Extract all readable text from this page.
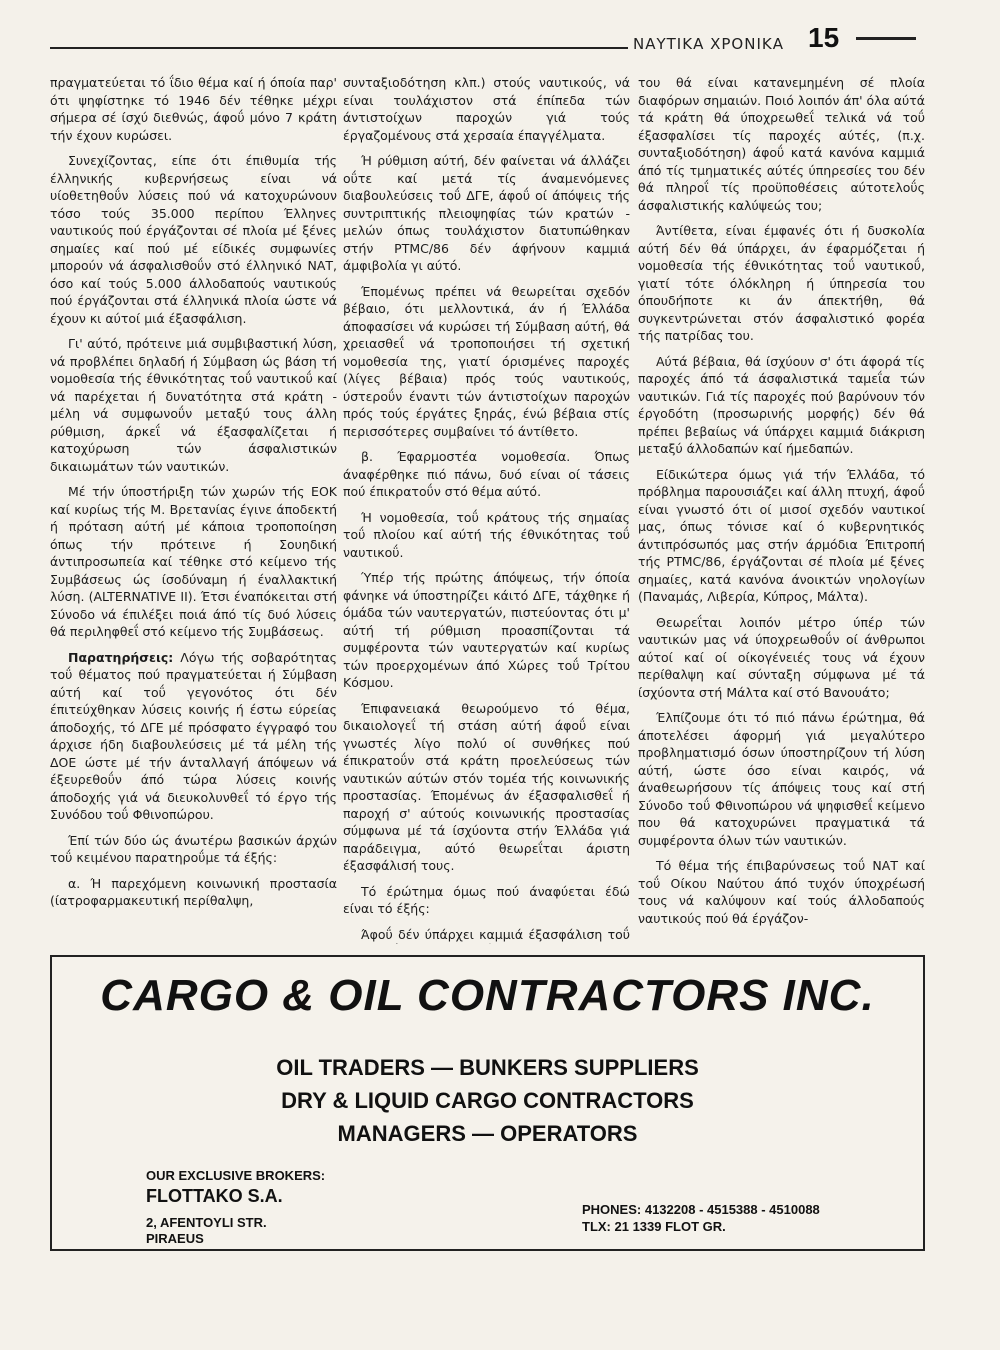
ΝΑΥΤΙΚΑ ΧΡΟΝΙΚΑ 15

πραγματεύεται τό ΐδιο θέμα καί ή όποία παρ' ότι ψηφίστηκε τό 1946 δέν τέθηκε μέχρι σήμερα σέ ίσχύ διεθνώς, άφοΰ μόνο 7 κράτη τήν έχουν κυρώσει.

Συνεχίζοντας, είπε ότι έπιθυμία τής έλληνικής κυβερνήσεως είναι νά υίοθετηθοΰν λύσεις πού νά κατοχυρώνουν τόσο τούς 35.000 περίπου Έλληνες ναυτικούς πού έργάζονται σέ πλοία μέ ξένες σημαίες καί πού μέ είδικές συμφωνίες μπορούν νά άσφαλισθοΰν στό έλληνικό ΝΑΤ, όσο καί τούς 5.000 άλλοδαπούς ναυτικούς πού έργάζονται στά έλληνικά πλοία ώστε νά έχουν κι αύτοί μιά έξασφάλιση.

Γι' αύτό, πρότεινε μιά συμβιβαστική λύση, νά προβλέπει δηλαδή ή Σύμβαση ώς βάση τή νομοθεσία τής έθνικότητας τοΰ ναυτικοΰ καί νά παρέχεται ή δυνατότητα στά κράτη - μέλη νά συμφωνοΰν μεταξύ τους άλλη ρύθμιση, άρκεΐ νά έξασφαλίζεται ή κατοχύρωση τών άσφαλιστικών δικαιωμάτων τών ναυτικών.

Μέ τήν ύποστήριξη τών χωρών τής ΕΟΚ καί κυρίως τής Μ. Βρετανίας έγινε άποδεκτή ή πρόταση αύτή μέ κάποια τροποποίηση όπως τήν πρότεινε ή Σουηδική άντιπροσωπεία καί τέθηκε στό κείμενο τής Συμβάσεως ώς ίσοδύναμη ή έναλλακτική λύση. (ALTERNATIVE II). Έτσι έναπόκειται στή Σύνοδο νά έπιλέξει ποιά άπό τίς δυό λύσεις θά περιληφθεΐ στό κείμενο τής Συμβάσεως.

Παρατηρήσεις: Λόγω τής σοβαρότητας τοΰ θέματος πού πραγματεύεται ή Σύμβαση αύτή καί τοΰ γεγονότος ότι δέν έπιτεύχθηκαν λύσεις κοινής ή έστω εύρείας άποδοχής, τό ΔΓΕ μέ πρόσφατο έγγραφό του άρχισε ήδη διαβουλεύσεις μέ τά μέλη τής ΔΟΕ ώστε μέ τήν άνταλλαγή άπόψεων νά έξευρεθοΰν άπό τώρα λύσεις κοινής άποδοχής γιά νά διευκολυνθεΐ τό έργο τής Συνόδου τοΰ Φθινοπώρου.

Έπί τών δύο ώς άνωτέρω βασικών άρχών τοΰ κειμένου παρατηροΰμε τά έξής:

α. Ή παρεχόμενη κοινωνική προστασία (ίατροφαρμακευτική περίθαλψη,

συνταξιοδότηση κλπ.) στούς ναυτικούς, νά είναι τουλάχιστον στά έπίπεδα τών άντιστοίχων παροχών γιά τούς έργαζομένους στά χερσαία έπαγγέλματα.

Ή ρύθμιση αύτή, δέν φαίνεται νά άλλάζει οΰτε καί μετά τίς άναμενόμενες διαβουλεύσεις τοΰ ΔΓΕ, άφοΰ οί άπόψεις τής συντριπτικής πλειοψηφίας τών κρατών - μελών όπως τουλάχιστον διατυπώθηκαν στήν PTMC/86 δέν άφήνουν καμμιά άμφιβολία γι αύτό.

Έπομένως πρέπει νά θεωρείται σχεδόν βέβαιο, ότι μελλοντικά, άν ή Έλλάδα άποφασίσει νά κυρώσει τή Σύμβαση αύτή, θά χρειασθεΐ νά τροποποιήσει τή σχετική νομοθεσία της, γιατί όρισμένες παροχές (λίγες βέβαια) πρός τούς ναυτικούς, ύστεροΰν έναντι τών άντιστοίχων παροχών πρός τούς έργάτες ξηράς, ένώ βέβαια στίς περισσότερες συμβαίνει τό άντίθετο.

β. Έφαρμοστέα νομοθεσία. Όπως άναφέρθηκε πιό πάνω, δυό είναι οί τάσεις πού έπικρατοΰν στό θέμα αύτό.

Ή νομοθεσία, τοΰ κράτους τής σημαίας τοΰ πλοίου καί αύτή τής έθνικότητας τοΰ ναυτικοΰ.

Ύπέρ τής πρώτης άπόψεως, τήν όποία φάνηκε νά ύποστηρίζει κάιτό ΔΓΕ, τάχθηκε ή όμάδα τών ναυτεργατών, πιστεύοντας ότι μ' αύτή τή ρύθμιση προασπίζονται τά συμφέροντα τών ναυτεργατών καί κυρίως τών προερχομένων άπό Χώρες τοΰ Τρίτου Κόσμου.

Έπιφανειακά θεωρούμενο τό θέμα, δικαιολογεΐ τή στάση αύτή άφοΰ είναι γνωστές λίγο πολύ οί συνθήκες πού έπικρατοΰν στά κράτη προελεύσεως τών ναυτικών αύτών στόν τομέα τής κοινωνικής προστασίας. Έπομένως άν έξασφαλισθεΐ ή παροχή σ' αύτούς κοινωνικής προστασίας σύμφωνα μέ τά ίσχύοντα στήν Έλλάδα γιά παράδειγμα, αύτό θεωρεΐται άριστη έξασφάλισή τους.

Τό έρώτημα όμως πού άναφύεται έδώ είναι τό έξής:

Άφοΰ δέν ύπάρχει καμμιά έξασφάλιση τοΰ

του θά είναι κατανεμημένη σέ πλοία διαφόρων σημαιών. Ποιό λοιπόν άπ' όλα αύτά τά κράτη θά ύποχρεωθεΐ τελικά νά τοΰ έξασφαλίσει τίς παροχές αύτές, (π.χ. συνταξιοδότηση) άφοΰ κατά κανόνα καμμιά άπό τίς τμηματικές αύτές ύπηρεσίες του δέν θά πληροΐ τίς προϋποθέσεις αύτοτελοΰς άσφαλιστικής καλύψεώς του;

Άντίθετα, είναι έμφανές ότι ή δυσκολία αύτή δέν θά ύπάρχει, άν έφαρμόζεται ή νομοθεσία τής έθνικότητας τοΰ ναυτικοΰ, γιατί τότε όλόκληρη ή ύπηρεσία του όπουδήποτε κι άν άπεκτήθη, θά συγκεντρώνεται στόν άσφαλιστικό φορέα τής πατρίδας του.

Αύτά βέβαια, θά ίσχύουν σ' ότι άφορά τίς παροχές άπό τά άσφαλιστικά ταμεΐα τών ναυτικών. Γιά τίς παροχές πού βαρύνουν τόν έργοδότη (προσωρινής μορφής) δέν θά πρέπει βεβαίως νά ύπάρχει καμμιά διάκριση μεταξύ άλλοδαπών καί ήμεδαπών.

Είδικώτερα όμως γιά τήν Έλλάδα, τό πρόβλημα παρουσιάζει καί άλλη πτυχή, άφοΰ είναι γνωστό ότι οί μισοί σχεδόν ναυτικοί μας, όπως τόνισε καί ό κυβερνητικός άντιπρόσωπός μας στήν άρμόδια Έπιτροπή τής PTMC/86, έργάζονται σέ πλοία μέ ξένες σημαίες, κατά κανόνα άνοικτών νηολογίων (Παναμάς, Λιβερία, Κύπρος, Μάλτα).

Θεωρεΐται λοιπόν μέτρο ύπέρ τών ναυτικών μας νά ύποχρεωθοΰν οί άνθρωποι αύτοί καί οί οίκογένειές τους νά έχουν περίθαλψη καί σύνταξη σύμφωνα μέ τά ίσχύοντα στή Μάλτα καί στό Βανουάτο;

Έλπίζουμε ότι τό πιό πάνω έρώτημα, θά άποτελέσει άφορμή γιά μεγαλύτερο προβληματισμό όσων ύποστηρίζουν τή λύση αύτή, ώστε όσο είναι καιρός, νά άναθεωρήσουν τίς άπόψεις τους καί στή Σύνοδο τοΰ Φθινοπώρου νά ψηφισθεΐ κείμενο που θά κατοχυρώνει πραγματικά τά συμφέροντα όλων τών ναυτικών.

Τό θέμα τής έπιβαρύνσεως τοΰ ΝΑΤ καί τοΰ Οίκου Ναύτου άπό τυχόν ύποχρέωσή τους νά καλύψουν καί τούς άλλοδαπούς ναυτικούς πού θά έργάζον-

CARGO & OIL CONTRACTORS INC.
OIL TRADERS — BUNKERS SUPPLIERS
DRY & LIQUID CARGO CONTRACTORS
MANAGERS — OPERATORS
OUR EXCLUSIVE BROKERS:
FLOTTAKO S.A.
2, AFENTOYLI STR.
PIRAEUS
PHONES: 4132208 - 4515388 - 4510088
TLX: 21 1339 FLOT GR.
